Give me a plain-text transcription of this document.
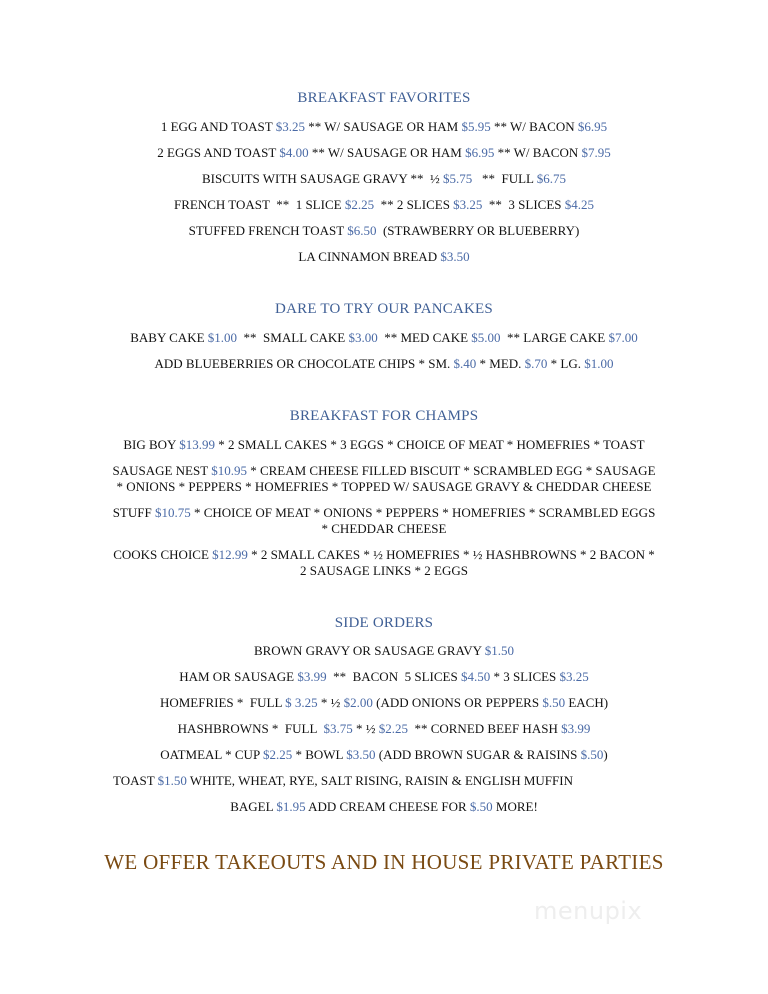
BREAKFAST FAVORITES
1 EGG AND TOAST $3.25 ** W/ SAUSAGE OR HAM $5.95 ** W/ BACON $6.95
2 EGGS AND TOAST $4.00 ** W/ SAUSAGE OR HAM $6.95 ** W/ BACON $7.95
BISCUITS WITH SAUSAGE GRAVY **  ½ $5.75   **  FULL $6.75
FRENCH TOAST  **  1 SLICE $2.25  ** 2 SLICES $3.25  **  3 SLICES $4.25
STUFFED FRENCH TOAST $6.50  (STRAWBERRY OR BLUEBERRY)
LA CINNAMON BREAD $3.50
DARE TO TRY OUR PANCAKES
BABY CAKE $1.00  **  SMALL CAKE $3.00  ** MED CAKE $5.00  ** LARGE CAKE $7.00
ADD BLUEBERRIES OR CHOCOLATE CHIPS * SM. $.40 * MED. $.70 * LG. $1.00
BREAKFAST FOR CHAMPS
BIG BOY $13.99 * 2 SMALL CAKES * 3 EGGS * CHOICE OF MEAT * HOMEFRIES * TOAST
SAUSAGE NEST $10.95 * CREAM CHEESE FILLED BISCUIT * SCRAMBLED EGG * SAUSAGE
* ONIONS * PEPPERS * HOMEFRIES * TOPPED W/ SAUSAGE GRAVY & CHEDDAR CHEESE
STUFF $10.75 * CHOICE OF MEAT * ONIONS * PEPPERS * HOMEFRIES * SCRAMBLED EGGS
* CHEDDAR CHEESE
COOKS CHOICE $12.99 * 2 SMALL CAKES * ½ HOMEFRIES * ½ HASHBROWNS * 2 BACON *
2 SAUSAGE LINKS * 2 EGGS
SIDE ORDERS
BROWN GRAVY OR SAUSAGE GRAVY $1.50
HAM OR SAUSAGE $3.99  **  BACON  5 SLICES $4.50 * 3 SLICES $3.25
HOMEFRIES *  FULL $ 3.25 * ½ $2.00 (ADD ONIONS OR PEPPERS $.50 EACH)
HASHBROWNS *  FULL  $3.75 * ½ $2.25  ** CORNED BEEF HASH $3.99
OATMEAL * CUP $2.25 * BOWL $3.50 (ADD BROWN SUGAR & RAISINS $.50)
TOAST $1.50 WHITE, WHEAT, RYE, SALT RISING, RAISIN & ENGLISH MUFFIN
BAGEL $1.95 ADD CREAM CHEESE FOR $.50 MORE!
WE OFFER TAKEOUTS AND IN HOUSE PRIVATE PARTIES
menupix
